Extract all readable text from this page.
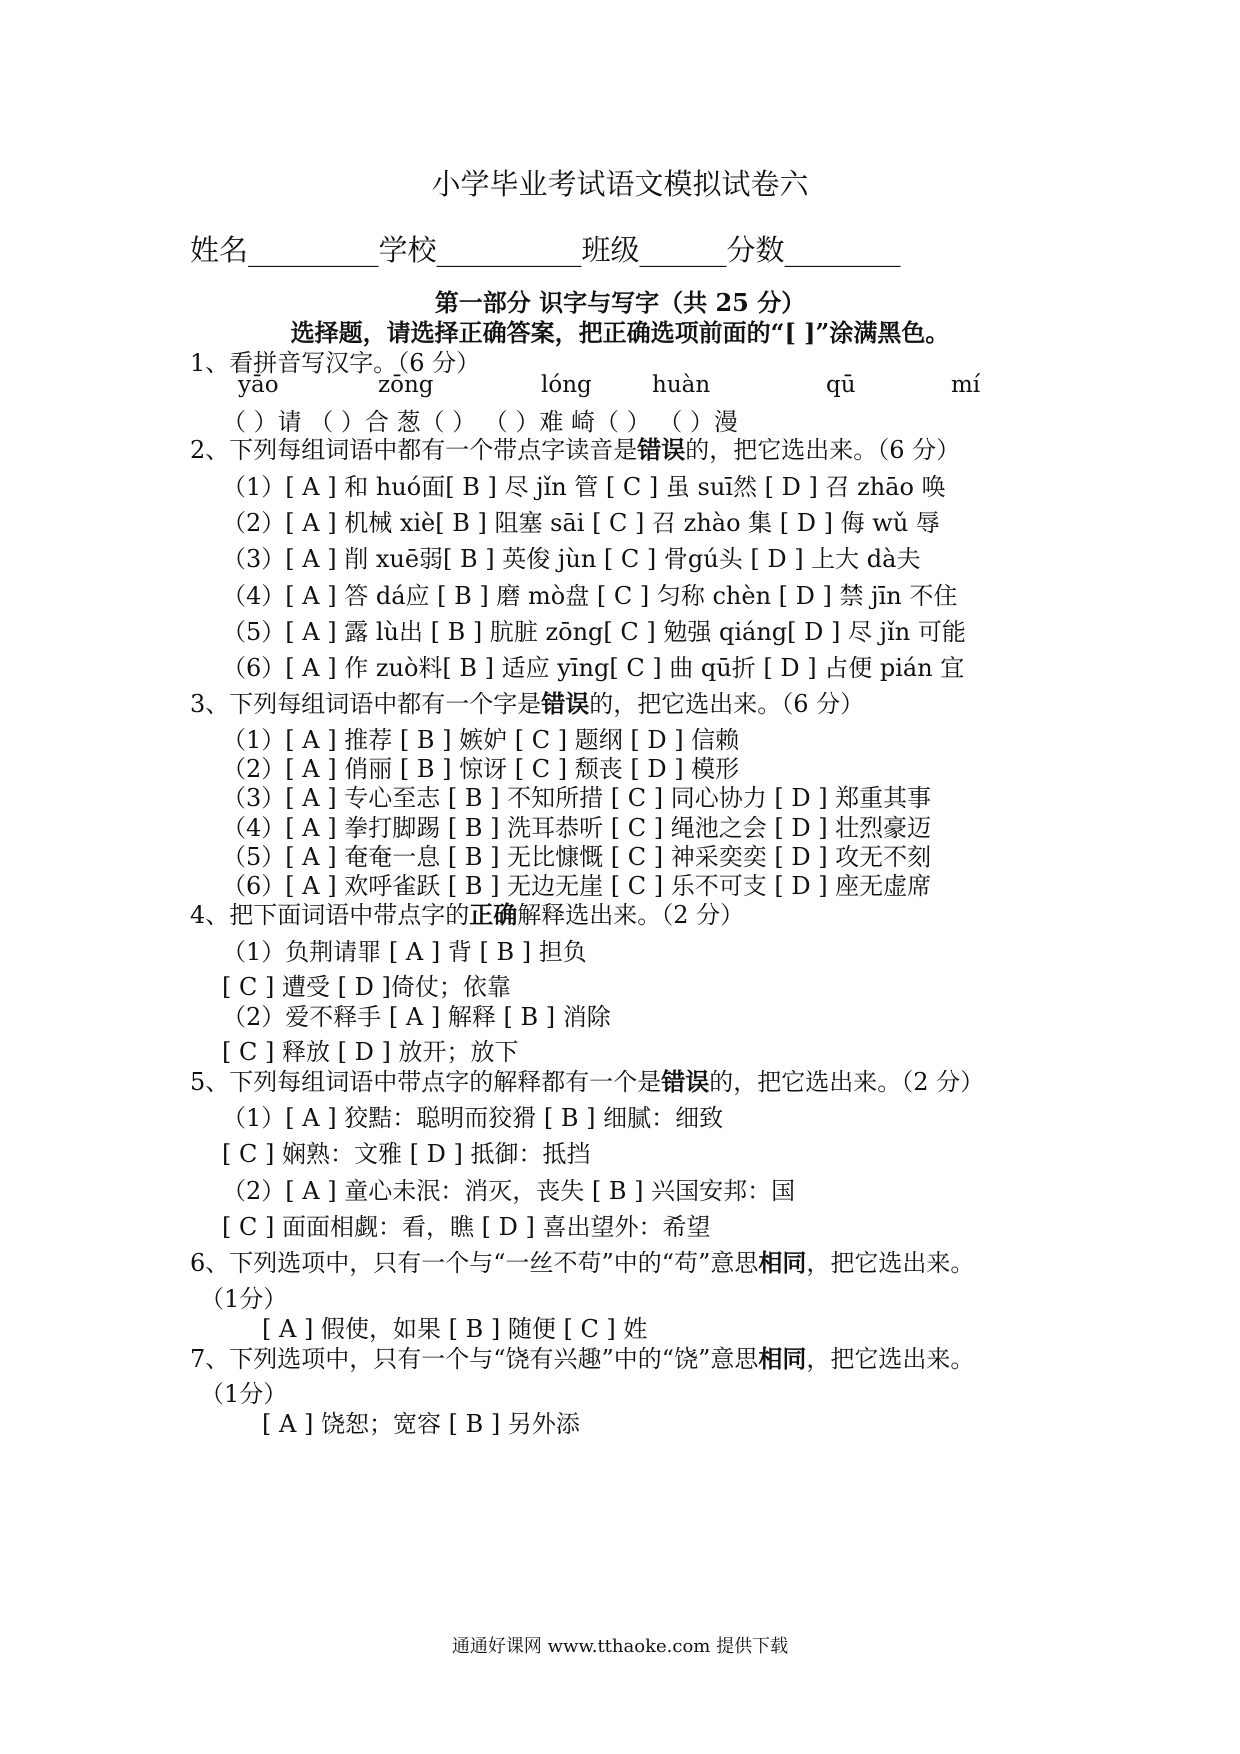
小学毕业考试语文模拟试卷六
姓名_________学校__________班级______分数________
第一部分 识字与写字（共 25 分）
选择题，请选择正确答案，把正确选项前面的“[ ]”涂满黑色。
1、看拼音写汉字。（6 分）
yāo	zōng	lóng	huàn	qū	mí
（ ）请 （ ）合 葱（ ） （ ）难 崎（ ） （ ）漫
2、下列每组词语中都有一个带点字读音是错误的，把它选出来。（6 分）
（1）[ A ] 和 huó面[ B ] 尽 jǐn 管 [ C ] 虽 suī然 [ D ] 召 zhāo 唤
（2）[ A ] 机械 xiè[ B ] 阻塞 sāi [ C ] 召 zhào 集 [ D ] 侮 wǔ 辱
（3）[ A ] 削 xuē弱[ B ] 英俊 jùn [ C ] 骨gú头 [ D ] 上大 dà夫
（4）[ A ] 答 dá应 [ B ] 磨 mò盘 [ C ] 匀称 chèn [ D ] 禁 jīn 不住
（5）[ A ] 露 lù出 [ B ] 肮脏 zōng[ C ] 勉强 qiáng[ D ] 尽 jǐn 可能
（6）[ A ] 作 zuò料[ B ] 适应 yīng[ C ] 曲 qū折 [ D ] 占便 pián 宜
3、下列每组词语中都有一个字是错误的，把它选出来。（6 分）
（1）[ A ] 推荐 [ B ] 嫉妒 [ C ] 题纲 [ D ] 信赖
（2）[ A ] 俏丽 [ B ] 惊讶 [ C ] 颓丧 [ D ] 模形
（3）[ A ] 专心至志 [ B ] 不知所措 [ C ] 同心协力 [ D ] 郑重其事
（4）[ A ] 拳打脚踢 [ B ] 洗耳恭听 [ C ] 绳池之会 [ D ] 壮烈豪迈
（5）[ A ] 奄奄一息 [ B ] 无比慷慨 [ C ] 神采奕奕 [ D ] 攻无不刻
（6）[ A ] 欢呼雀跃 [ B ] 无边无崖 [ C ] 乐不可支 [ D ] 座无虚席
4、把下面词语中带点字的正确解释选出来。（2 分）
（1）负荆请罪 [ A ] 背 [ B ] 担负
[ C ] 遭受 [ D ]倚仗；依靠
（2）爱不释手 [ A ] 解释 [ B ] 消除
[ C ] 释放 [ D ] 放开；放下
5、下列每组词语中带点字的解释都有一个是错误的，把它选出来。（2 分）
（1）[ A ] 狡黠：聪明而狡猾 [ B ] 细腻：细致
[ C ] 娴熟：文雅 [ D ] 抵御：抵挡
（2）[ A ] 童心未泯：消灭，丧失 [ B ] 兴国安邦：国
[ C ] 面面相觑：看，瞧 [ D ] 喜出望外：希望
6、下列选项中，只有一个与“一丝不苟”中的“苟”意思相同，把它选出来。
（1分）
[ A ] 假使，如果 [ B ] 随便 [ C ] 姓
7、下列选项中，只有一个与“饶有兴趣”中的“饶”意思相同，把它选出来。
（1分）
[ A ] 饶恕；宽容 [ B ] 另外添
通通好课网 www.tthaoke.com 提供下载
